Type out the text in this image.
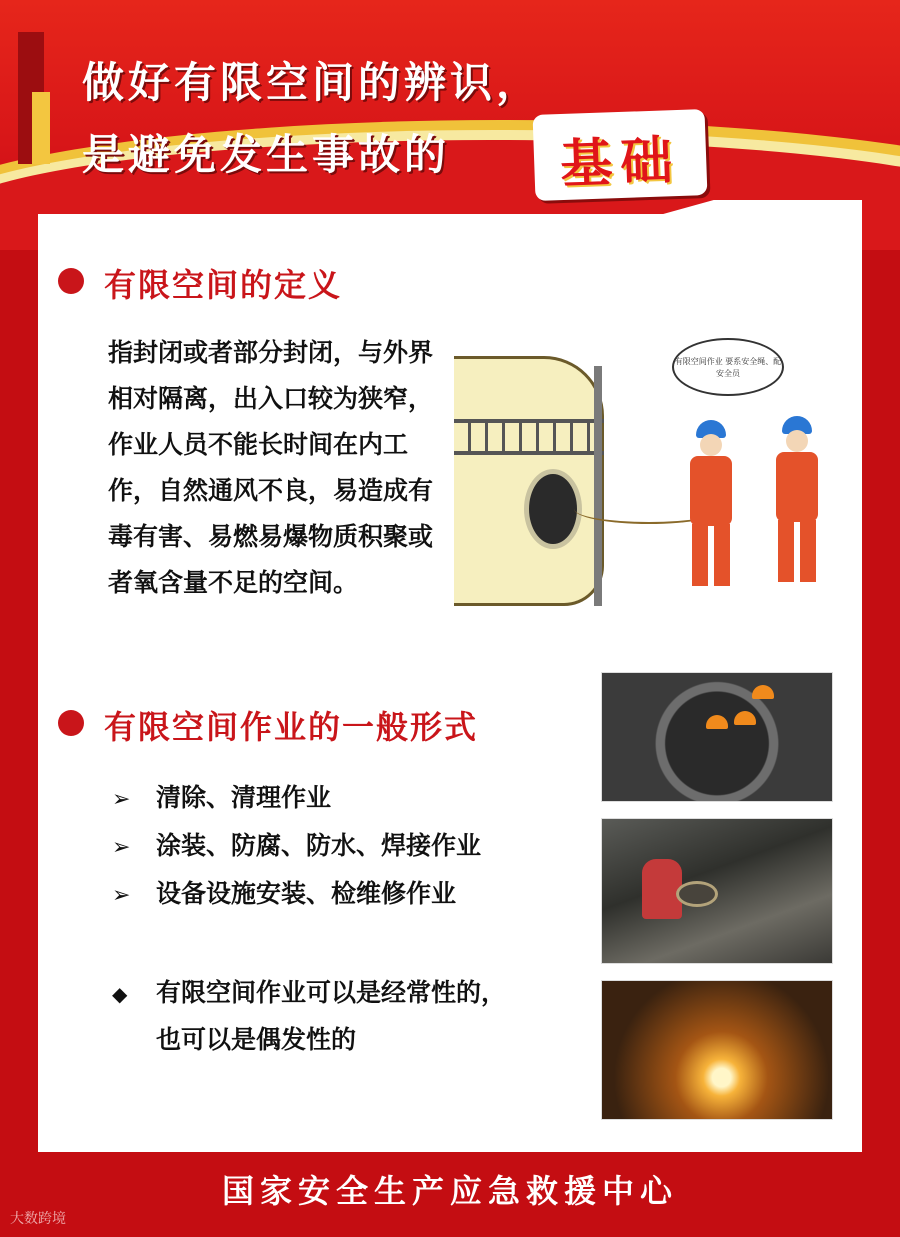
做好有限空间的辨识，
是避免发生事故的	基础
有限空间的定义
指封闭或者部分封闭，与外界相对隔离，出入口较为狭窄，作业人员不能长时间在内工作，自然通风不良，易造成有毒有害、易燃易爆物质积聚或者氧含量不足的空间。
有限空间作业 要系安全绳、配安全员
有限空间作业的一般形式
➢ 清除、清理作业
➢ 涂装、防腐、防水、焊接作业
➢ 设备设施安装、检维修作业
◆ 有限空间作业可以是经常性的，
也可以是偶发性的
国家安全生产应急救援中心
大数跨境
